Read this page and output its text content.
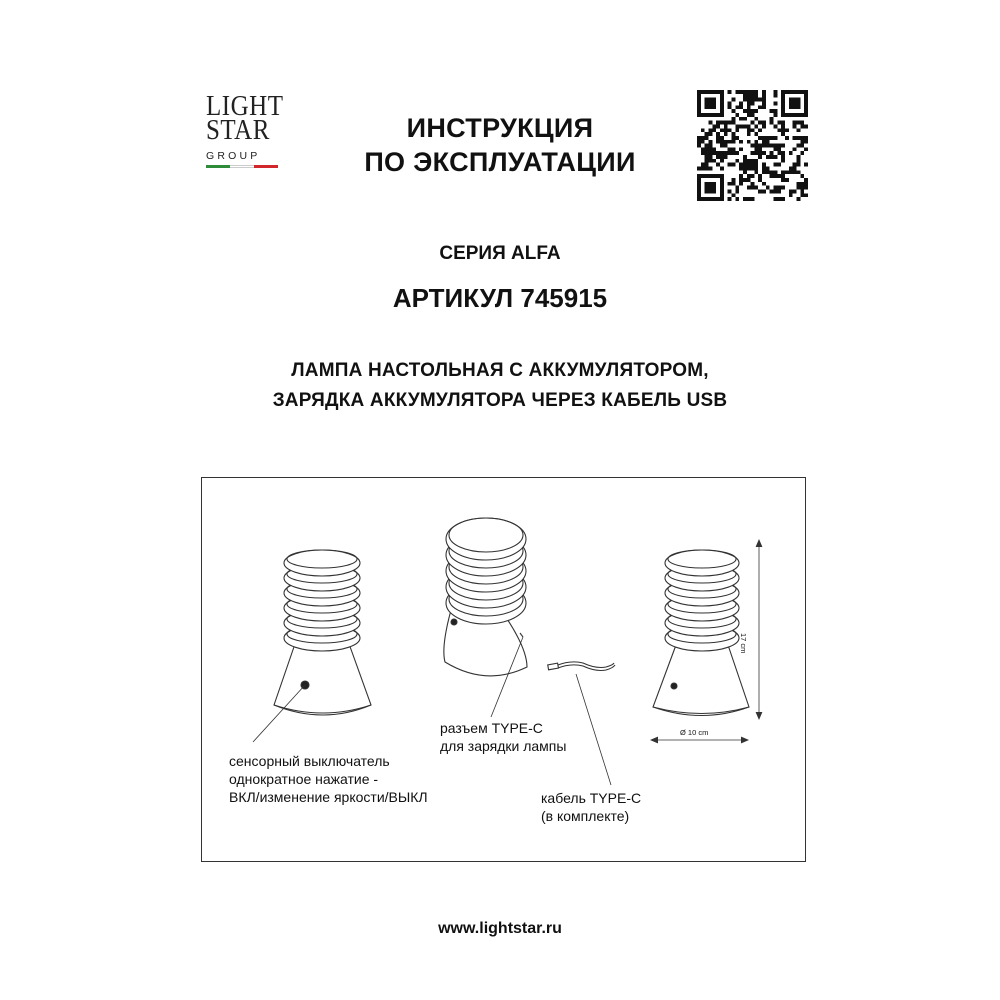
LIGHT
STAR
GROUP
ИНСТРУКЦИЯ
ПО ЭКСПЛУАТАЦИИ
СЕРИЯ ALFA
АРТИКУЛ 745915
ЛАМПА НАСТОЛЬНАЯ С АККУМУЛЯТОРОМ,
ЗАРЯДКА АККУМУЛЯТОРА ЧЕРЕЗ КАБЕЛЬ USB
сенсорный выключатель
однократное нажатие -
ВКЛ/изменение яркости/ВЫКЛ
разъем TYPE-C
для зарядки лампы
кабель TYPE-C
(в комплекте)
17 cm
Ø 10 cm
www.lightstar.ru
